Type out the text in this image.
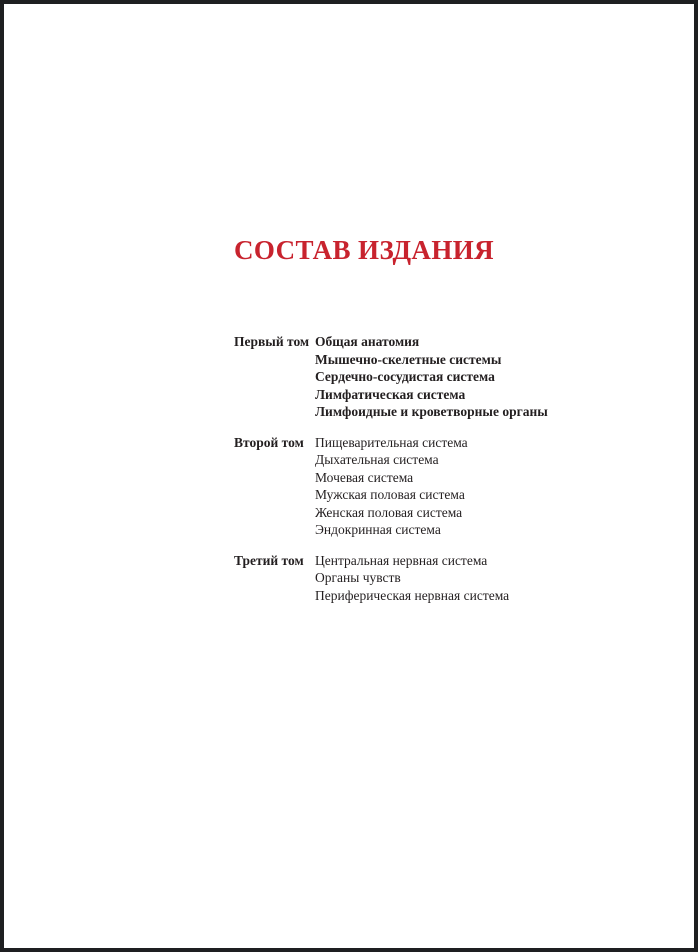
СОСТАВ ИЗДАНИЯ
Первый том Общая анатомия
Мышечно-скелетные системы
Сердечно-сосудистая система
Лимфатическая система
Лимфоидные и кроветворные органы
Второй том Пищеварительная система
Дыхательная система
Мочевая система
Мужская половая система
Женская половая система
Эндокринная система
Третий том Центральная нервная система
Органы чувств
Периферическая нервная система
